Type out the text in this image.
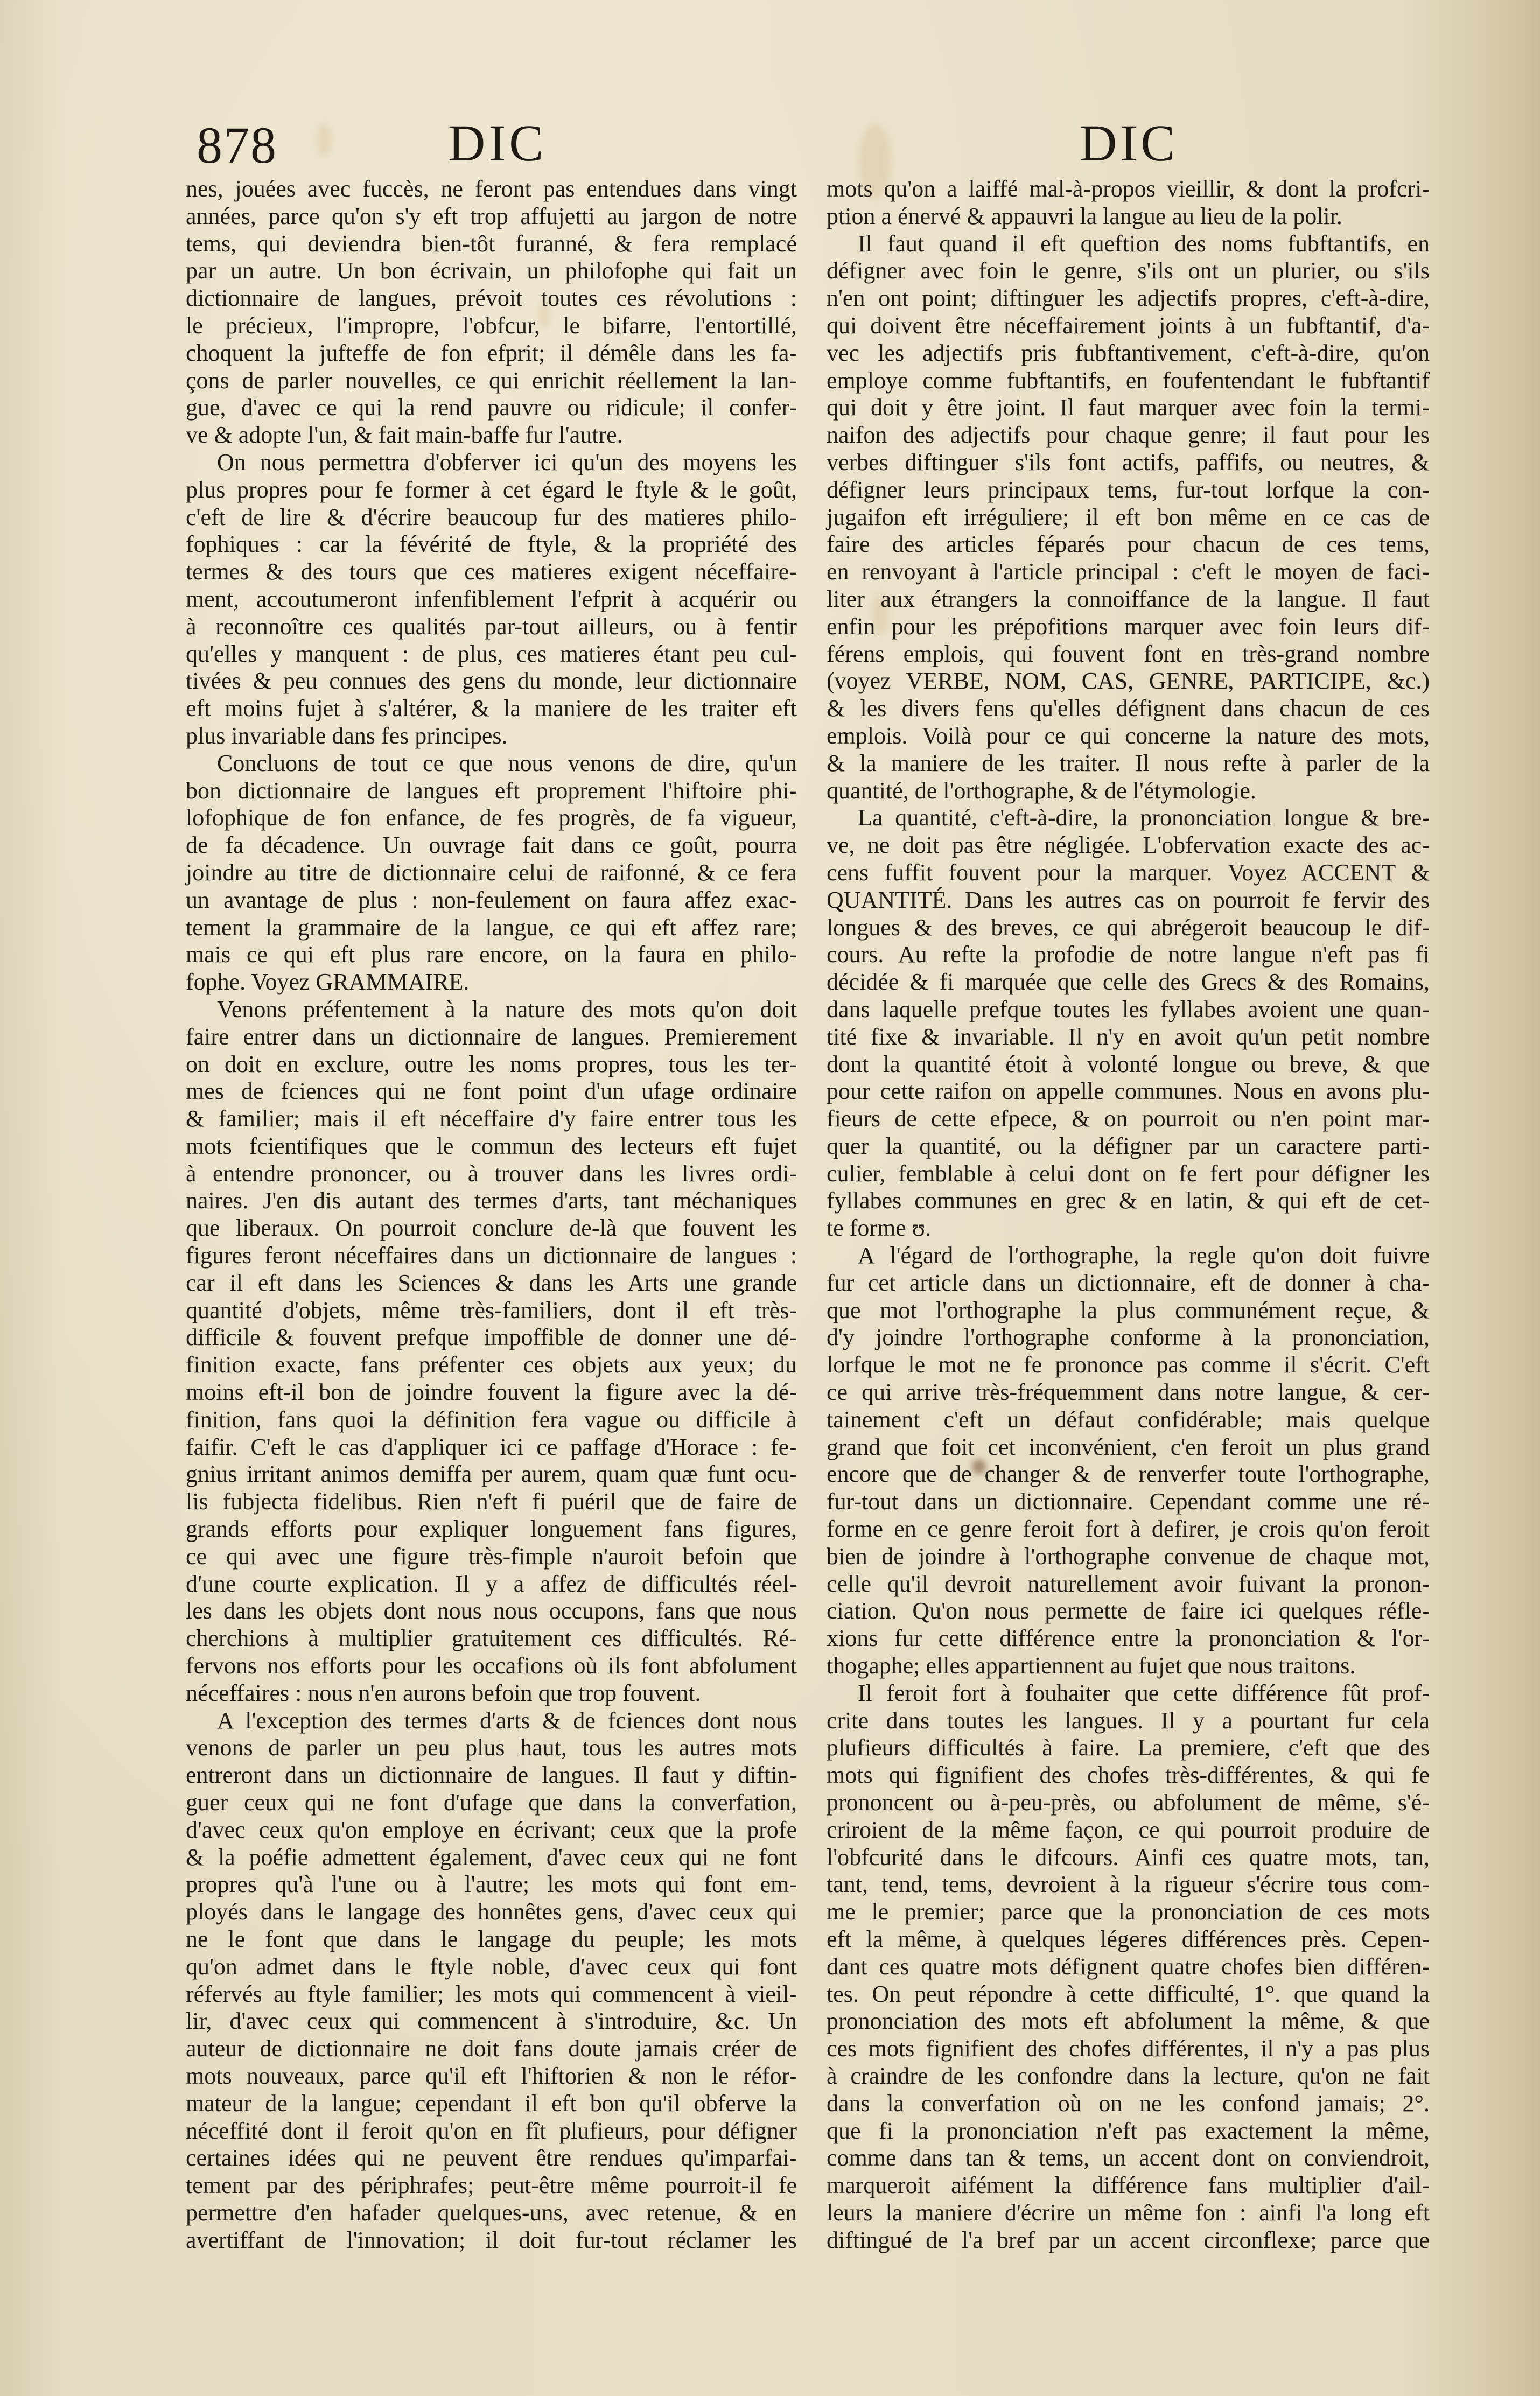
878	DIC	DIC
nes, jouées avec fuccès, ne feront pas entendues dans vingt
années, parce qu'on s'y eft trop affujetti au jargon de notre
tems, qui deviendra bien-tôt furanné, & fera remplacé
par un autre. Un bon écrivain, un philofophe qui fait un
dictionnaire de langues, prévoit toutes ces révolutions :
le précieux, l'impropre, l'obfcur, le bifarre, l'entortillé,
choquent la jufteffe de fon efprit; il démêle dans les fa-
çons de parler nouvelles, ce qui enrichit réellement la lan-
gue, d'avec ce qui la rend pauvre ou ridicule; il confer-
ve & adopte l'un, & fait main-baffe fur l'autre.
On nous permettra d'obferver ici qu'un des moyens les
plus propres pour fe former à cet égard le ftyle & le goût,
c'eft de lire & d'écrire beaucoup fur des matieres philo-
fophiques : car la févérité de ftyle, & la propriété des
termes & des tours que ces matieres exigent néceffaire-
ment, accoutumeront infenfiblement l'efprit à acquérir ou
à reconnoître ces qualités par-tout ailleurs, ou à fentir
qu'elles y manquent : de plus, ces matieres étant peu cul-
tivées & peu connues des gens du monde, leur dictionnaire
eft moins fujet à s'altérer, & la maniere de les traiter eft
plus invariable dans fes principes.
Concluons de tout ce que nous venons de dire, qu'un
bon dictionnaire de langues eft proprement l'hiftoire phi-
lofophique de fon enfance, de fes progrès, de fa vigueur,
de fa décadence. Un ouvrage fait dans ce goût, pourra
joindre au titre de dictionnaire celui de raifonné, & ce fera
un avantage de plus : non-feulement on faura affez exac-
tement la grammaire de la langue, ce qui eft affez rare;
mais ce qui eft plus rare encore, on la faura en philo-
fophe. Voyez GRAMMAIRE.
Venons préfentement à la nature des mots qu'on doit
faire entrer dans un dictionnaire de langues. Premierement
on doit en exclure, outre les noms propres, tous les ter-
mes de fciences qui ne font point d'un ufage ordinaire
& familier; mais il eft néceffaire d'y faire entrer tous les
mots fcientifiques que le commun des lecteurs eft fujet
à entendre prononcer, ou à trouver dans les livres ordi-
naires. J'en dis autant des termes d'arts, tant méchaniques
que liberaux. On pourroit conclure de-là que fouvent les
figures feront néceffaires dans un dictionnaire de langues :
car il eft dans les Sciences & dans les Arts une grande
quantité d'objets, même très-familiers, dont il eft très-
difficile & fouvent prefque impoffible de donner une dé-
finition exacte, fans préfenter ces objets aux yeux; du
moins eft-il bon de joindre fouvent la figure avec la dé-
finition, fans quoi la définition fera vague ou difficile à
faifir. C'eft le cas d'appliquer ici ce paffage d'Horace : fe-
gnius irritant animos demiffa per aurem, quam quæ funt ocu-
lis fubjecta fidelibus. Rien n'eft fi puéril que de faire de
grands efforts pour expliquer longuement fans figures,
ce qui avec une figure très-fimple n'auroit befoin que
d'une courte explication. Il y a affez de difficultés réel-
les dans les objets dont nous nous occupons, fans que nous
cherchions à multiplier gratuitement ces difficultés. Ré-
fervons nos efforts pour les occafions où ils font abfolument
néceffaires : nous n'en aurons befoin que trop fouvent.
A l'exception des termes d'arts & de fciences dont nous
venons de parler un peu plus haut, tous les autres mots
entreront dans un dictionnaire de langues. Il faut y diftin-
guer ceux qui ne font d'ufage que dans la converfation,
d'avec ceux qu'on employe en écrivant; ceux que la profe
& la poéfie admettent également, d'avec ceux qui ne font
propres qu'à l'une ou à l'autre; les mots qui font em-
ployés dans le langage des honnêtes gens, d'avec ceux qui
ne le font que dans le langage du peuple; les mots
qu'on admet dans le ftyle noble, d'avec ceux qui font
réfervés au ftyle familier; les mots qui commencent à vieil-
lir, d'avec ceux qui commencent à s'introduire, &c. Un
auteur de dictionnaire ne doit fans doute jamais créer de
mots nouveaux, parce qu'il eft l'hiftorien & non le réfor-
mateur de la langue; cependant il eft bon qu'il obferve la
néceffité dont il feroit qu'on en fît plufieurs, pour défigner
certaines idées qui ne peuvent être rendues qu'imparfai-
tement par des périphrafes; peut-être même pourroit-il fe
permettre d'en hafader quelques-uns, avec retenue, & en
avertiffant de l'innovation; il doit fur-tout réclamer les
mots qu'on a laiffé mal-à-propos vieillir, & dont la profcri-
ption a énervé & appauvri la langue au lieu de la polir.
Il faut quand il eft queftion des noms fubftantifs, en
défigner avec foin le genre, s'ils ont un plurier, ou s'ils
n'en ont point; diftinguer les adjectifs propres, c'eft-à-dire,
qui doivent être néceffairement joints à un fubftantif, d'a-
vec les adjectifs pris fubftantivement, c'eft-à-dire, qu'on
employe comme fubftantifs, en foufentendant le fubftantif
qui doit y être joint. Il faut marquer avec foin la termi-
naifon des adjectifs pour chaque genre; il faut pour les
verbes diftinguer s'ils font actifs, paffifs, ou neutres, &
défigner leurs principaux tems, fur-tout lorfque la con-
jugaifon eft irréguliere; il eft bon même en ce cas de
faire des articles féparés pour chacun de ces tems,
en renvoyant à l'article principal : c'eft le moyen de faci-
liter aux étrangers la connoiffance de la langue. Il faut
enfin pour les prépofitions marquer avec foin leurs dif-
férens emplois, qui fouvent font en très-grand nombre
(voyez VERBE, NOM, CAS, GENRE, PARTICIPE, &c.)
& les divers fens qu'elles défignent dans chacun de ces
emplois. Voilà pour ce qui concerne la nature des mots,
& la maniere de les traiter. Il nous refte à parler de la
quantité, de l'orthographe, & de l'étymologie.
La quantité, c'eft-à-dire, la prononciation longue & bre-
ve, ne doit pas être négligée. L'obfervation exacte des ac-
cens fuffit fouvent pour la marquer. Voyez ACCENT &
QUANTITÉ. Dans les autres cas on pourroit fe fervir des
longues & des breves, ce qui abrégeroit beaucoup le dif-
cours. Au refte la profodie de notre langue n'eft pas fi
décidée & fi marquée que celle des Grecs & des Romains,
dans laquelle prefque toutes les fyllabes avoient une quan-
tité fixe & invariable. Il n'y en avoit qu'un petit nombre
dont la quantité étoit à volonté longue ou breve, & que
pour cette raifon on appelle communes. Nous en avons plu-
fieurs de cette efpece, & on pourroit ou n'en point mar-
quer la quantité, ou la défigner par un caractere parti-
culier, femblable à celui dont on fe fert pour défigner les
fyllabes communes en grec & en latin, & qui eft de cet-
te forme ʊ.
A l'égard de l'orthographe, la regle qu'on doit fuivre
fur cet article dans un dictionnaire, eft de donner à cha-
que mot l'orthographe la plus communément reçue, &
d'y joindre l'orthographe conforme à la prononciation,
lorfque le mot ne fe prononce pas comme il s'écrit. C'eft
ce qui arrive très-fréquemment dans notre langue, & cer-
tainement c'eft un défaut confidérable; mais quelque
grand que foit cet inconvénient, c'en feroit un plus grand
encore que de changer & de renverfer toute l'orthographe,
fur-tout dans un dictionnaire. Cependant comme une ré-
forme en ce genre feroit fort à defirer, je crois qu'on feroit
bien de joindre à l'orthographe convenue de chaque mot,
celle qu'il devroit naturellement avoir fuivant la pronon-
ciation. Qu'on nous permette de faire ici quelques réfle-
xions fur cette différence entre la prononciation & l'or-
thogaphe; elles appartiennent au fujet que nous traitons.
Il feroit fort à fouhaiter que cette différence fût prof-
crite dans toutes les langues. Il y a pourtant fur cela
plufieurs difficultés à faire. La premiere, c'eft que des
mots qui fignifient des chofes très-différentes, & qui fe
prononcent ou à-peu-près, ou abfolument de même, s'é-
criroient de la même façon, ce qui pourroit produire de
l'obfcurité dans le difcours. Ainfi ces quatre mots, tan,
tant, tend, tems, devroient à la rigueur s'écrire tous com-
me le premier; parce que la prononciation de ces mots
eft la même, à quelques légeres différences près. Cepen-
dant ces quatre mots défignent quatre chofes bien différen-
tes. On peut répondre à cette difficulté, 1°. que quand la
prononciation des mots eft abfolument la même, & que
ces mots fignifient des chofes différentes, il n'y a pas plus
à craindre de les confondre dans la lecture, qu'on ne fait
dans la converfation où on ne les confond jamais; 2°.
que fi la prononciation n'eft pas exactement la même,
comme dans tan & tems, un accent dont on conviendroit,
marqueroit aifément la différence fans multiplier d'ail-
leurs la maniere d'écrire un même fon : ainfi l'a long eft
diftingué de l'a bref par un accent circonflexe; parce que
